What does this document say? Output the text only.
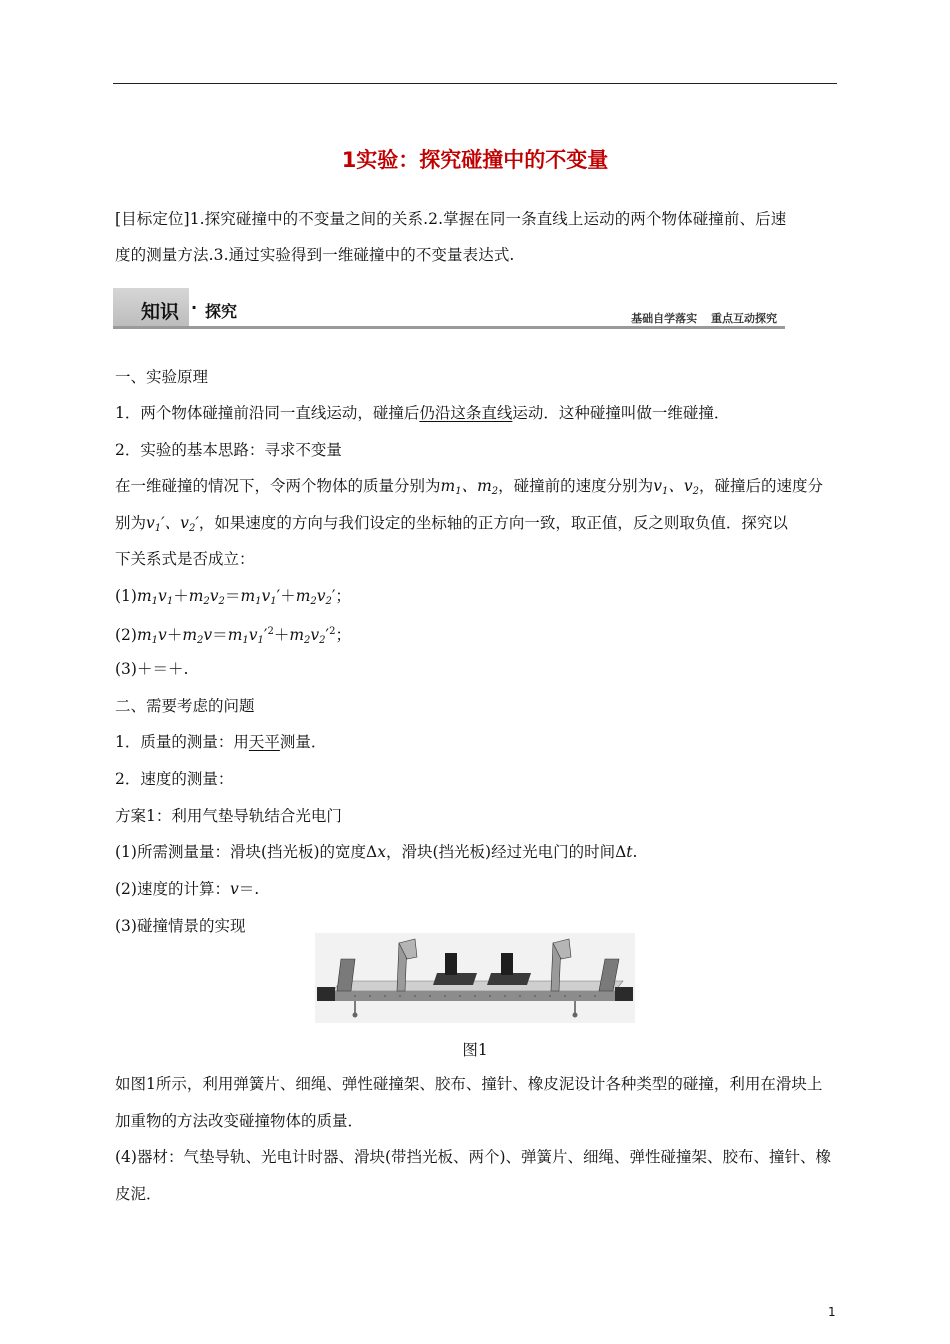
1实验：探究碰撞中的不变量
[目标定位]1.探究碰撞中的不变量之间的关系.2.掌握在同一条直线上运动的两个物体碰撞前、后速
度的测量方法.3.通过实验得到一维碰撞中的不变量表达式.
知识 · 探究	基础自学落实 重点互动探究
一、实验原理
1．两个物体碰撞前沿同一直线运动，碰撞后仍沿这条直线运动．这种碰撞叫做一维碰撞．
2．实验的基本思路：寻求不变量
在一维碰撞的情况下，令两个物体的质量分别为$m_1$、$m_2$，碰撞前的速度分别为$v_1$、$v_2$，碰撞后的速度分
别为$v_1'$、$v_2'$，如果速度的方向与我们设定的坐标轴的正方向一致，取正值，反之则取负值．探究以
下关系式是否成立：
$(1)m_1v_1+m_2v_2=m_1v_1'+m_2v_2'$；
$(2)m_1v+m_2v=m_1v_1'^2+m_2v_2'^2$；
(3)＋＝＋.
二、需要考虑的问题
1．质量的测量：用天平测量．
2．速度的测量：
方案1：利用气垫导轨结合光电门
(1)所需测量量：滑块(挡光板)的宽度Δx，滑块(挡光板)经过光电门的时间Δt.
(2)速度的计算：v＝.
(3)碰撞情景的实现
图1
如图1所示，利用弹簧片、细绳、弹性碰撞架、胶布、撞针、橡皮泥设计各种类型的碰撞，利用在滑块上
加重物的方法改变碰撞物体的质量．
(4)器材：气垫导轨、光电计时器、滑块(带挡光板、两个)、弹簧片、细绳、弹性碰撞架、胶布、撞针、橡
皮泥．
1
